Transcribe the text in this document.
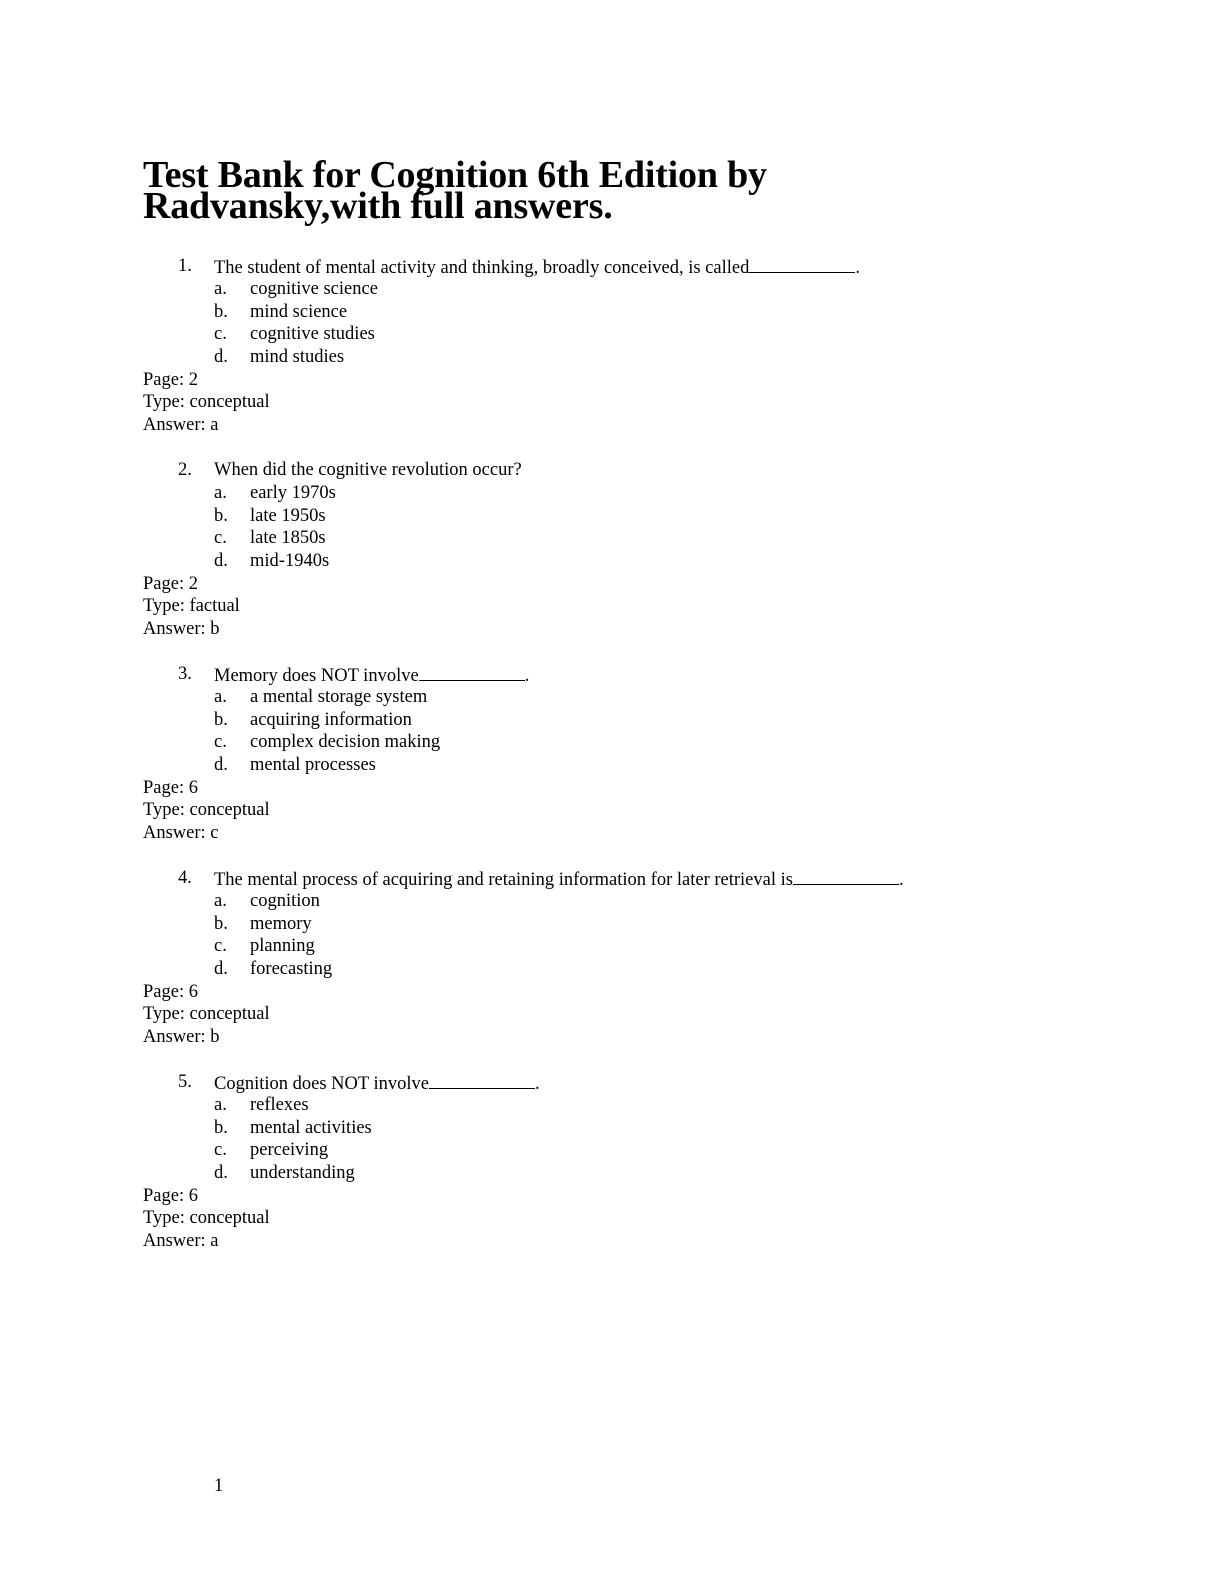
Test Bank for Cognition 6th Edition by
Radvansky,with full answers.
1. The student of mental activity and thinking, broadly conceived, is called	.
a. cognitive science
b. mind science
c. cognitive studies
d. mind studies
Page: 2
Type: conceptual
Answer: a
2. When did the cognitive revolution occur?
a. early 1970s
b. late 1950s
c. late 1850s
d. mid-1940s
Page: 2
Type: factual
Answer: b
3. Memory does NOT involve	.
a. a mental storage system
b. acquiring information
c. complex decision making
d. mental processes
Page: 6
Type: conceptual
Answer: c
4. The mental process of acquiring and retaining information for later retrieval is	.
a. cognition
b. memory
c. planning
d. forecasting
Page: 6
Type: conceptual
Answer: b
5. Cognition does NOT involve	.
a. reflexes
b. mental activities
c. perceiving
d. understanding
Page: 6
Type: conceptual
Answer: a
1
